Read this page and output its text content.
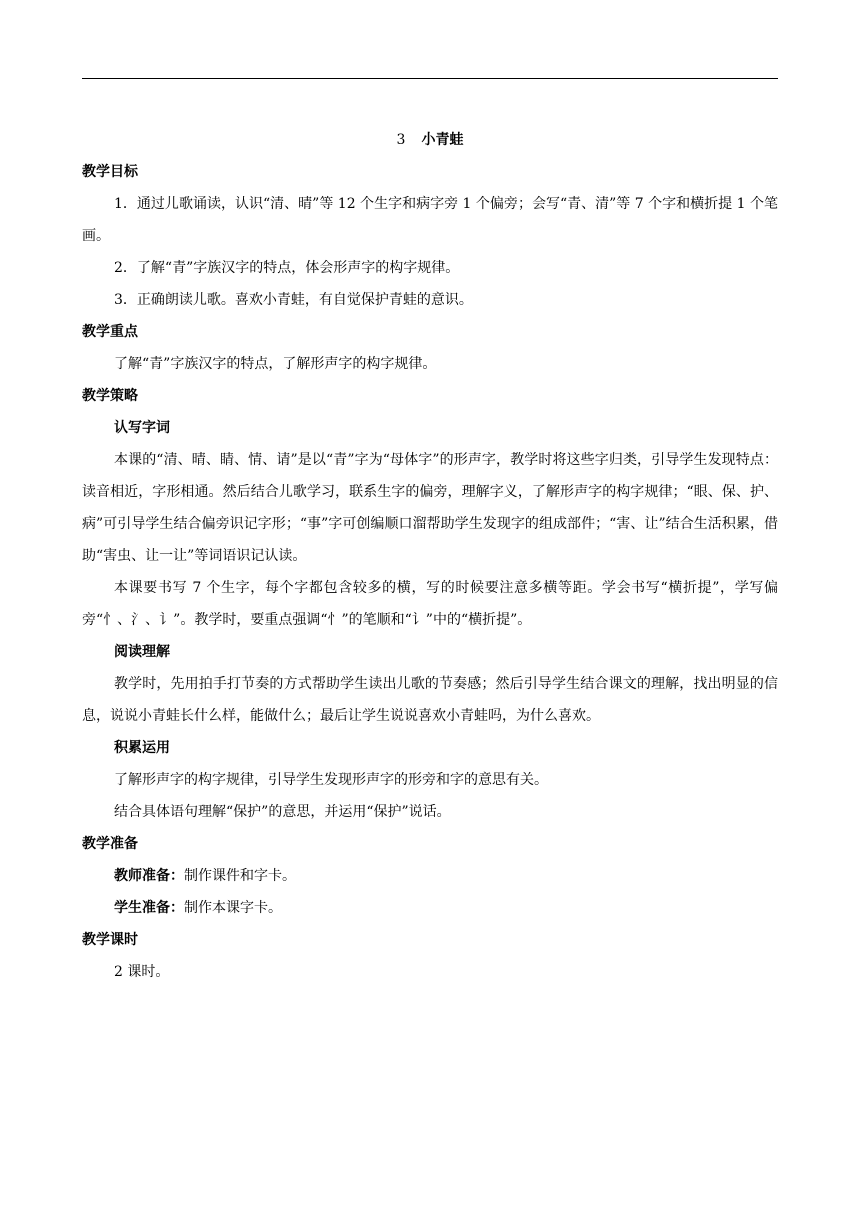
3 小青蛙

教学目标

1．通过儿歌诵读，认识“清、晴”等 12 个生字和病字旁 1 个偏旁；会写“青、清”等 7 个字和横折提 1 个笔画。

2．了解“青”字族汉字的特点，体会形声字的构字规律。

3．正确朗读儿歌。喜欢小青蛙，有自觉保护青蛙的意识。

教学重点

了解“青”字族汉字的特点，了解形声字的构字规律。

教学策略

认写字词

本课的“清、晴、睛、情、请”是以“青”字为“母体字”的形声字，教学时将这些字归类，引导学生发现特点：读音相近，字形相通。然后结合儿歌学习，联系生字的偏旁，理解字义，了解形声字的构字规律；“眼、保、护、病”可引导学生结合偏旁识记字形；“事”字可创编顺口溜帮助学生发现字的组成部件；“害、让”结合生活积累，借助“害虫、让一让”等词语识记认读。

本课要书写 7 个生字，每个字都包含较多的横，写的时候要注意多横等距。学会书写“横折提”，学写偏旁“忄、氵、讠”。教学时，要重点强调“忄”的笔顺和“讠”中的“横折提”。

阅读理解

教学时，先用拍手打节奏的方式帮助学生读出儿歌的节奏感；然后引导学生结合课文的理解，找出明显的信息，说说小青蛙长什么样，能做什么；最后让学生说说喜欢小青蛙吗，为什么喜欢。

积累运用

了解形声字的构字规律，引导学生发现形声字的形旁和字的意思有关。

结合具体语句理解“保护”的意思，并运用“保护”说话。

教学准备

教师准备：制作课件和字卡。

学生准备：制作本课字卡。

教学课时

2 课时。
